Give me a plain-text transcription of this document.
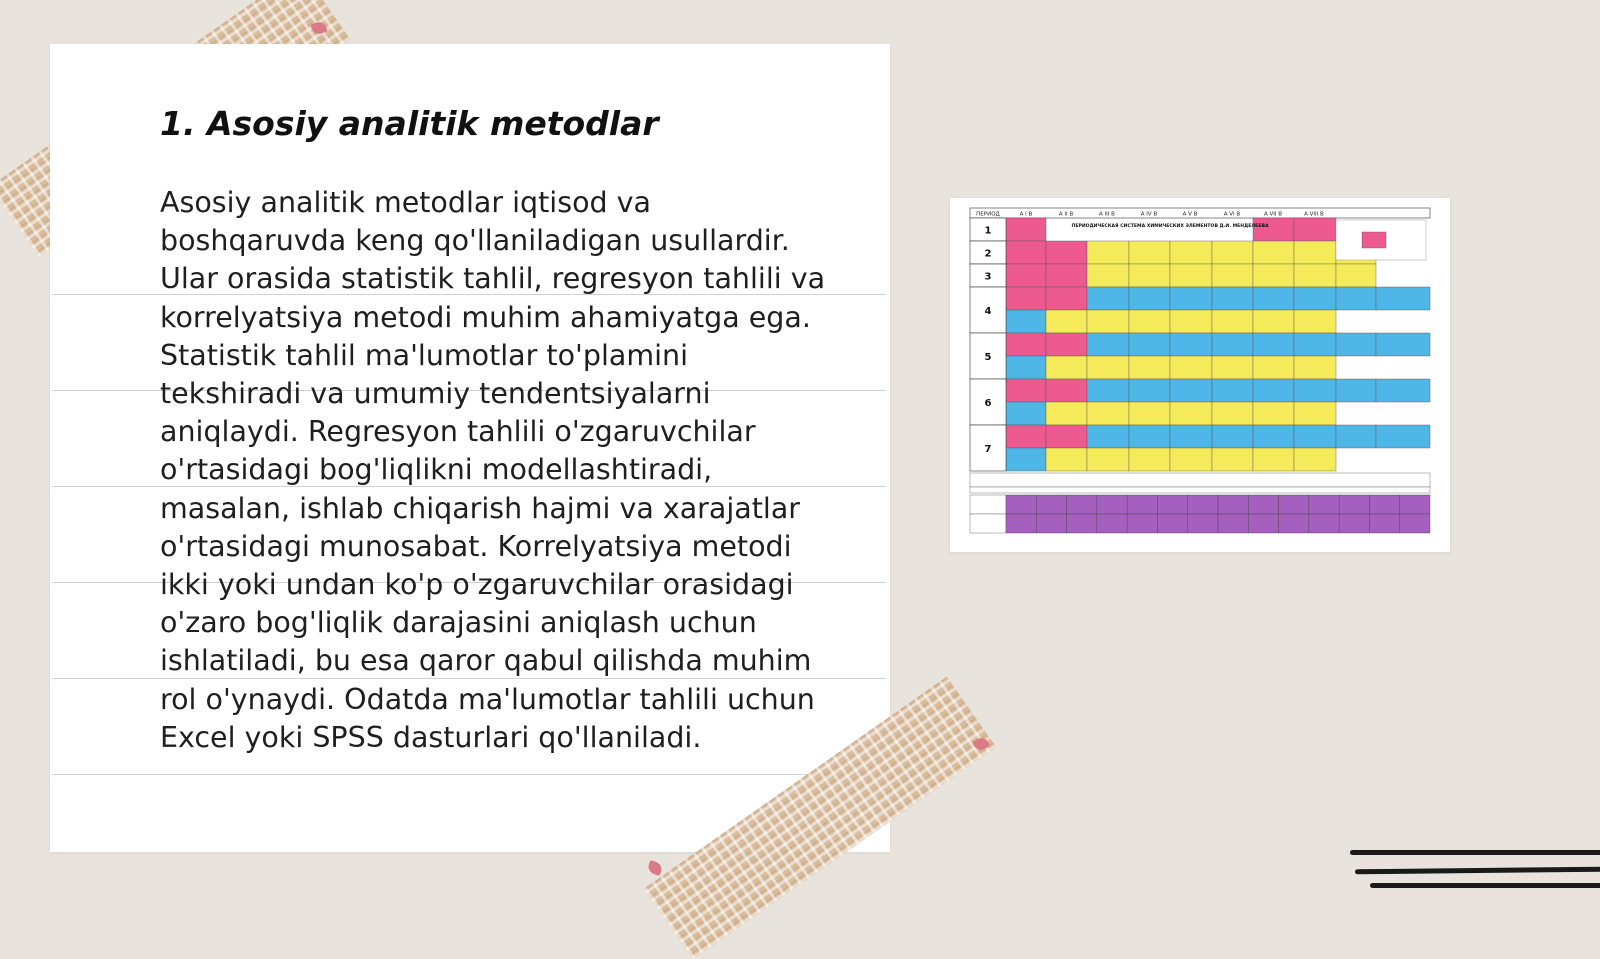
1. Asosiy analitik metodlar

Asosiy analitik metodlar iqtisod va boshqaruvda keng qo'llaniladigan usullardir. Ular orasida statistik tahlil, regresyon tahlili va korrelyatsiya metodi muhim ahamiyatga ega. Statistik tahlil ma'lumotlar to'plamini tekshiradi va umumiy tendentsiyalarni aniqlaydi. Regresyon tahlili o'zgaruvchilar o'rtasidagi bog'liqlikni modellashtiradi, masalan, ishlab chiqarish hajmi va xarajatlar o'rtasidagi munosabat. Korrelyatsiya metodi ikki yoki undan ko'p o'zgaruvchilar orasidagi o'zaro bog'liqlik darajasini aniqlash uchun ishlatiladi, bu esa qaror qabul qilishda muhim rol o'ynaydi. Odatda ma'lumotlar tahlili uchun Excel yoki SPSS dasturlari qo'llaniladi.

ПЕРИОД	A I B	A II B	A III B	A IV B	A V B	A VI B	A VII B	A VIII B
1
2
3
4
5
6
7
ПЕРИОДИЧЕСКАЯ СИСТЕМА ХИМИЧЕСКИХ ЭЛЕМЕНТОВ Д.И. МЕНДЕЛЕЕВА
